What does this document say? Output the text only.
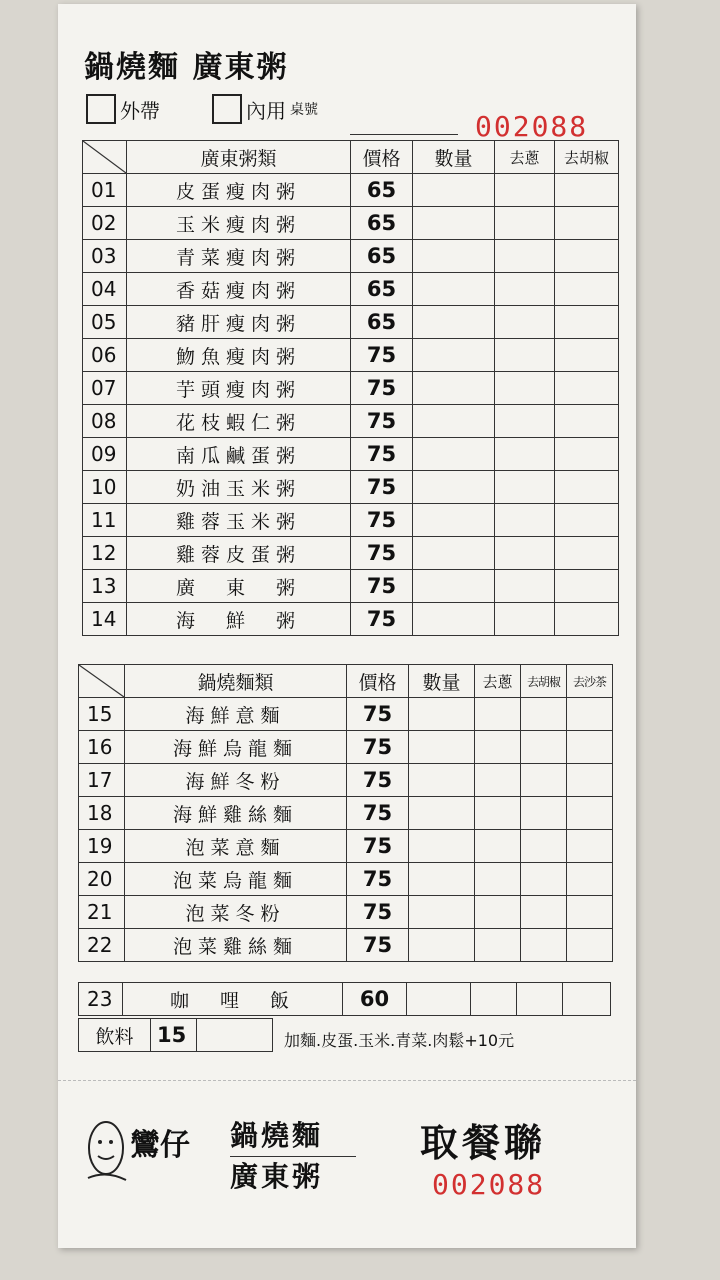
鍋燒麵 廣東粥
外帶	內用 桌號	002088
	廣東粥類	價格	數量	去蔥	去胡椒
01	皮蛋瘦肉粥	65			
02	玉米瘦肉粥	65			
03	青菜瘦肉粥	65			
04	香菇瘦肉粥	65			
05	豬肝瘦肉粥	65			
06	魩魚瘦肉粥	75			
07	芋頭瘦肉粥	75			
08	花枝蝦仁粥	75			
09	南瓜鹹蛋粥	75			
10	奶油玉米粥	75			
11	雞蓉玉米粥	75			
12	雞蓉皮蛋粥	75			
13	廣　東　粥	75			
14	海　鮮　粥	75			
	鍋燒麵類	價格	數量	去蔥	去胡椒	去沙茶
15	海鮮意麵	75				
16	海鮮烏龍麵	75				
17	海鮮冬粉	75				
18	海鮮雞絲麵	75				
19	泡菜意麵	75				
20	泡菜烏龍麵	75				
21	泡菜冬粉	75				
22	泡菜雞絲麵	75				
23	咖　哩　飯	60				
飲料	15		加麵.皮蛋.玉米.青菜.肉鬆+10元
鸞仔 鍋燒麵
廣東粥
取餐聯
002088
